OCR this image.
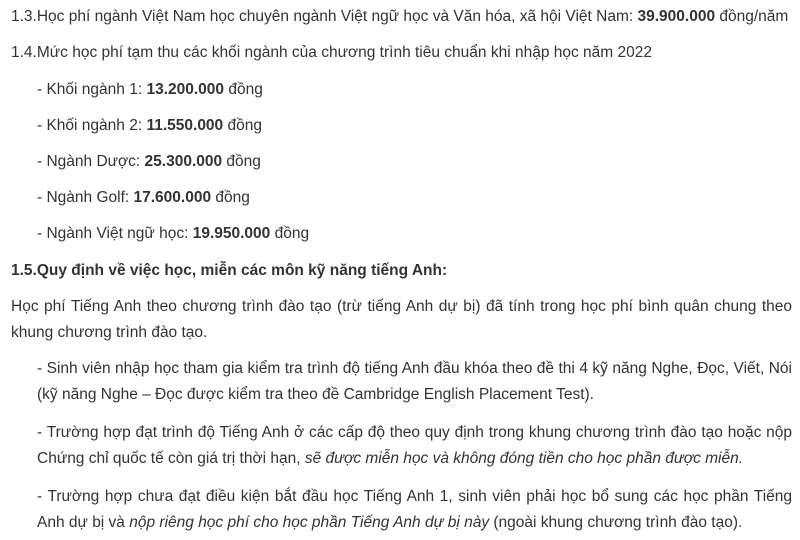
1.3.Học phí ngành Việt Nam học chuyên ngành Việt ngữ học và Văn hóa, xã hội Việt Nam: 39.900.000 đồng/năm
1.4.Mức học phí tạm thu các khối ngành của chương trình tiêu chuẩn khi nhập học năm 2022
- Khối ngành 1: 13.200.000 đồng
- Khối ngành 2: 11.550.000 đồng
- Ngành Dược: 25.300.000 đồng
- Ngành Golf: 17.600.000 đồng
- Ngành Việt ngữ học: 19.950.000 đồng
1.5.Quy định về việc học, miễn các môn kỹ năng tiếng Anh:
Học phí Tiếng Anh theo chương trình đào tạo (trừ tiếng Anh dự bị) đã tính trong học phí bình quân chung theo khung chương trình đào tạo.
- Sinh viên nhập học tham gia kiểm tra trình độ tiếng Anh đầu khóa theo đề thi 4 kỹ năng Nghe, Đọc, Viết, Nói (kỹ năng Nghe – Đọc được kiểm tra theo đề Cambridge English Placement Test).
- Trường hợp đạt trình độ Tiếng Anh ở các cấp độ theo quy định trong khung chương trình đào tạo hoặc nộp Chứng chỉ quốc tế còn giá trị thời hạn, sẽ được miễn học và không đóng tiền cho học phần được miễn.
- Trường hợp chưa đạt điều kiện bắt đầu học Tiếng Anh 1, sinh viên phải học bổ sung các học phần Tiếng Anh dự bị và nộp riêng học phí cho học phần Tiếng Anh dự bị này (ngoài khung chương trình đào tạo).
